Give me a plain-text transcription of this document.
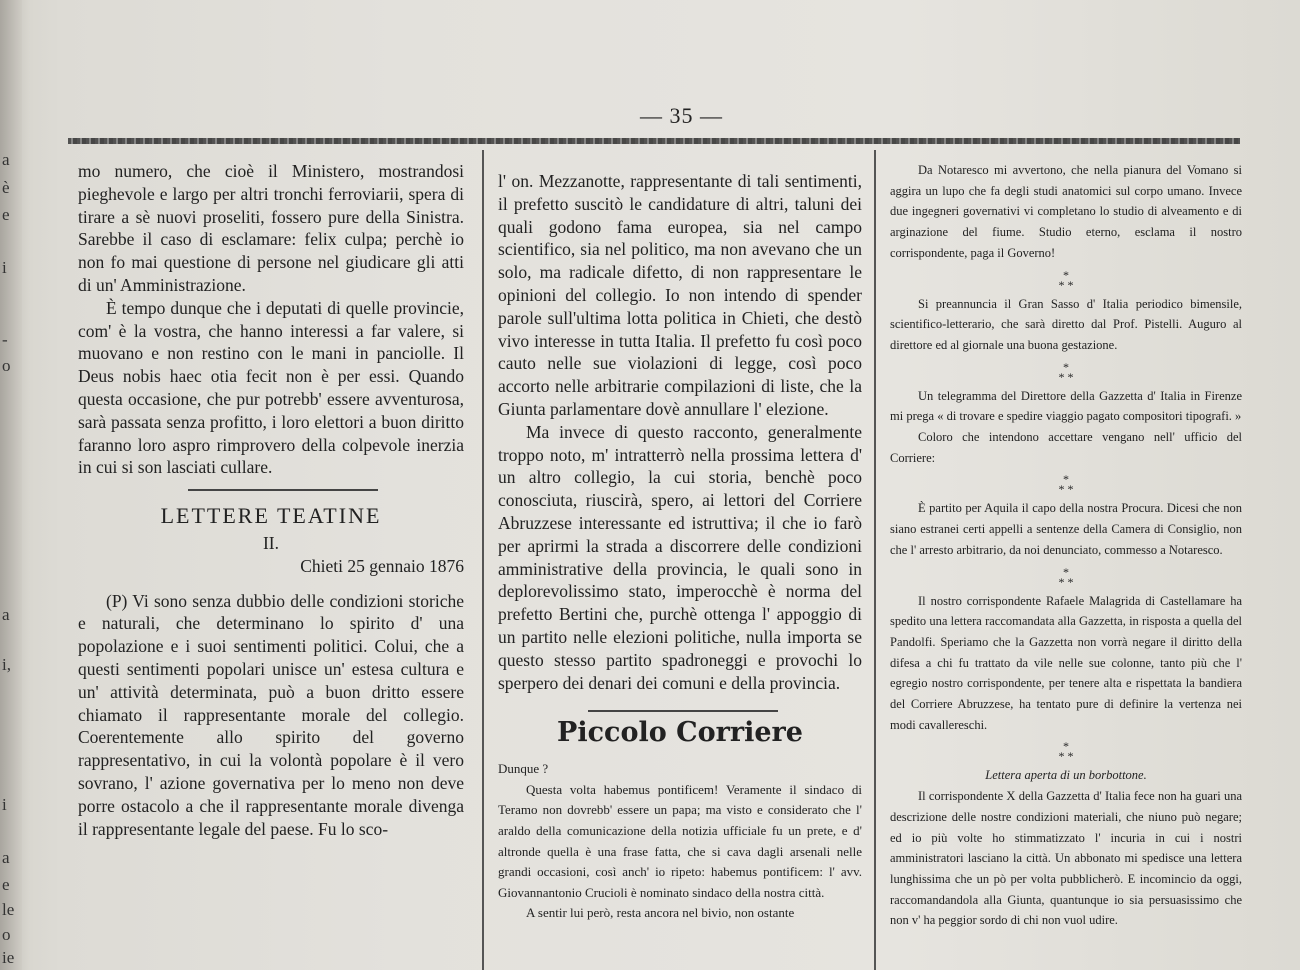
a
è
e
i
-
o
a
i,
i
a
e
le
o
ie
— 35 —

mo numero, che cioè il Ministero, mostrandosi pieghevole e largo per altri tronchi ferroviarii, spera di tirare a sè nuovi proseliti, fossero pure della Sinistra. Sarebbe il caso di esclamare: felix culpa; perchè io non fo mai questione di persone nel giudicare gli atti di un' Amministrazione.

È tempo dunque che i deputati di quelle provincie, com' è la vostra, che hanno interessi a far valere, si muovano e non restino con le mani in panciolle. Il Deus nobis haec otia fecit non è per essi. Quando questa occasione, che pur potrebb' essere avventurosa, sarà passata senza profitto, i loro elettori a buon diritto faranno loro aspro rimprovero della colpevole inerzia in cui si son lasciati cullare.

LETTERE TEATINE

II.

Chieti 25 gennaio 1876

(P) Vi sono senza dubbio delle condizioni storiche e naturali, che determinano lo spirito d' una popolazione e i suoi sentimenti politici. Colui, che a questi sentimenti popolari unisce un' estesa cultura e un' attività determinata, può a buon dritto essere chiamato il rappresentante morale del collegio. Coerentemente allo spirito del governo rappresentativo, in cui la volontà popolare è il vero sovrano, l' azione governativa per lo meno non deve porre ostacolo a che il rappresentante morale divenga il rappresentante legale del paese. Fu lo sco-

l' on. Mezzanotte, rappresentante di tali sentimenti, il prefetto suscitò le candidature di altri, taluni dei quali godono fama europea, sia nel campo scientifico, sia nel politico, ma non avevano che un solo, ma radicale difetto, di non rappresentare le opinioni del collegio. Io non intendo di spender parole sull'ultima lotta politica in Chieti, che destò vivo interesse in tutta Italia. Il prefetto fu così poco cauto nelle sue violazioni di legge, così poco accorto nelle arbitrarie compilazioni di liste, che la Giunta parlamentare dovè annullare l' elezione.

Ma invece di questo racconto, generalmente troppo noto, m' intratterrò nella prossima lettera d' un altro collegio, la cui storia, benchè poco conosciuta, riuscirà, spero, ai lettori del Corriere Abruzzese interessante ed istruttiva; il che io farò per aprirmi la strada a discorrere delle condizioni amministrative della provincia, le quali sono in deplorevolissimo stato, imperocchè è norma del prefetto Bertini che, purchè ottenga l' appoggio di un partito nelle elezioni politiche, nulla importa se questo stesso partito spadroneggi e provochi lo sperpero dei denari dei comuni e della provincia.

Piccolo Corriere

Dunque ?

Questa volta habemus pontificem! Veramente il sindaco di Teramo non dovrebb' essere un papa; ma visto e considerato che l' araldo della comunicazione della notizia ufficiale fu un prete, e d' altronde quella è una frase fatta, che si cava dagli arsenali nelle grandi occasioni, così anch' io ripeto: habemus pontificem: l' avv. Giovannantonio Crucioli è nominato sindaco della nostra città.

A sentir lui però, resta ancora nel bivio, non ostante

Da Notaresco mi avvertono, che nella pianura del Vomano si aggira un lupo che fa degli studi anatomici sul corpo umano. Invece due ingegneri governativi vi completano lo studio di alveamento e di arginazione del fiume. Studio eterno, esclama il nostro corrispondente, paga il Governo!

*
* *

Si preannuncia il Gran Sasso d' Italia periodico bimensile, scientifico-letterario, che sarà diretto dal Prof. Pistelli. Auguro al direttore ed al giornale una buona gestazione.

*
* *

Un telegramma del Direttore della Gazzetta d' Italia in Firenze mi prega « di trovare e spedire viaggio pagato compositori tipografi. »

Coloro che intendono accettare vengano nell' ufficio del Corriere:

*
* *

È partito per Aquila il capo della nostra Procura. Dicesi che non siano estranei certi appelli a sentenze della Camera di Consiglio, non che l' arresto arbitrario, da noi denunciato, commesso a Notaresco.

*
* *

Il nostro corrispondente Rafaele Malagrida di Castellamare ha spedito una lettera raccomandata alla Gazzetta, in risposta a quella del Pandolfi. Speriamo che la Gazzetta non vorrà negare il diritto della difesa a chi fu trattato da vile nelle sue colonne, tanto più che l' egregio nostro corrispondente, per tenere alta e rispettata la bandiera del Corriere Abruzzese, ha tentato pure di definire la vertenza nei modi cavallereschi.

*
* *

Lettera aperta di un borbottone.

Il corrispondente X della Gazzetta d' Italia fece non ha guari una descrizione delle nostre condizioni materiali, che niuno può negare; ed io più volte ho stimmatizzato l' incuria in cui i nostri amministratori lasciano la città. Un abbonato mi spedisce una lettera lunghissima che un pò per volta pubblicherò. E incomincio da oggi, raccomandandola alla Giunta, quantunque io sia persuasissimo che non v' ha peggior sordo di chi non vuol udire.
